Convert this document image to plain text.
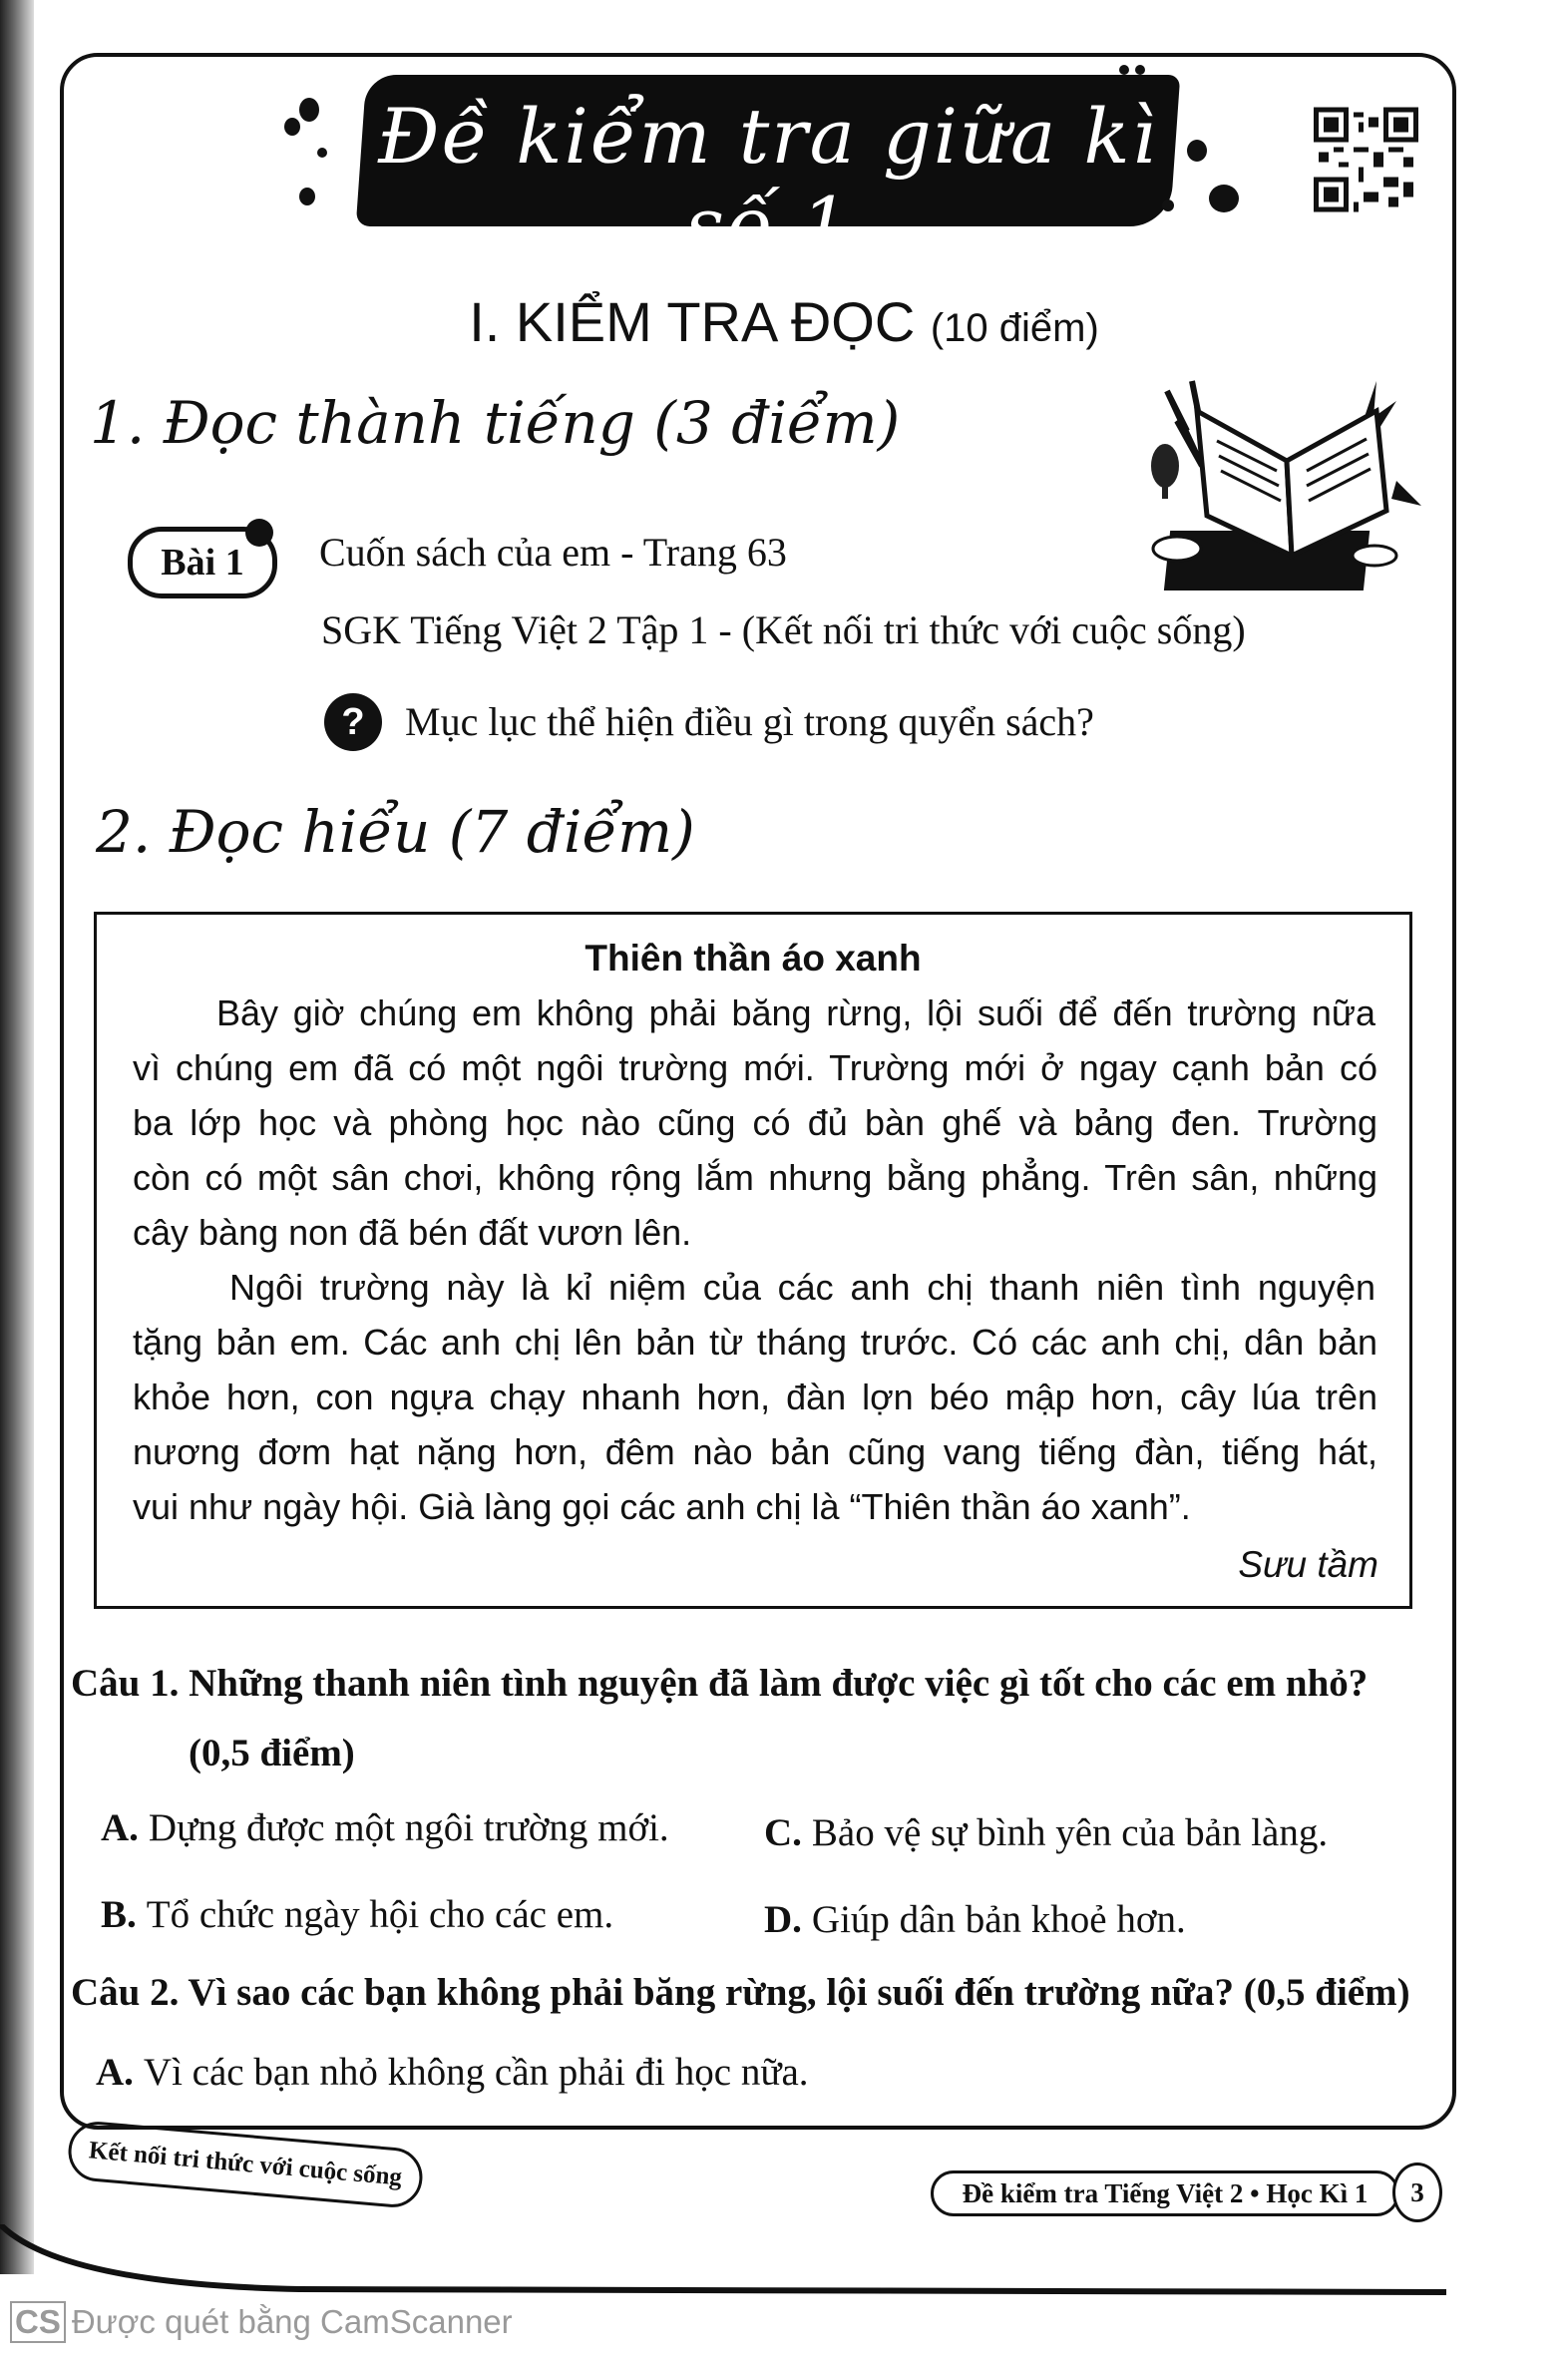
Đề kiểm tra giữa kì số 1
I. KIỂM TRA ĐỌC (10 điểm)
1. Đọc thành tiếng (3 điểm)
Bài 1	Cuốn sách của em - Trang 63
SGK Tiếng Việt 2 Tập 1 - (Kết nối tri thức với cuộc sống)
?	Mục lục thể hiện điều gì trong quyển sách?
2. Đọc hiểu (7 điểm)
Thiên thần áo xanh
Bây giờ chúng em không phải băng rừng, lội suối để đến trường nữa
vì chúng em đã có một ngôi trường mới. Trường mới ở ngay cạnh bản có
ba lớp học và phòng học nào cũng có đủ bàn ghế và bảng đen. Trường
còn có một sân chơi, không rộng lắm nhưng bằng phẳng. Trên sân, những
cây bàng non đã bén đất vươn lên.
Ngôi trường này là kỉ niệm của các anh chị thanh niên tình nguyện
tặng bản em. Các anh chị lên bản từ tháng trước. Có các anh chị, dân bản
khỏe hơn, con ngựa chạy nhanh hơn, đàn lợn béo mập hơn, cây lúa trên
nương đơm hạt nặng hơn, đêm nào bản cũng vang tiếng đàn, tiếng hát,
vui như ngày hội. Già làng gọi các anh chị là “Thiên thần áo xanh”.
Sưu tầm
Câu 1. Những thanh niên tình nguyện đã làm được việc gì tốt cho các em nhỏ?
(0,5 điểm)
A. Dựng được một ngôi trường mới.
B. Tổ chức ngày hội cho các em.
C. Bảo vệ sự bình yên của bản làng.
D. Giúp dân bản khoẻ hơn.
Câu 2. Vì sao các bạn không phải băng rừng, lội suối đến trường nữa? (0,5 điểm)
A. Vì các bạn nhỏ không cần phải đi học nữa.
Kết nối tri thức với cuộc sống
Đề kiểm tra Tiếng Việt 2 • Học Kì 1	3
CS Được quét bằng CamScanner
